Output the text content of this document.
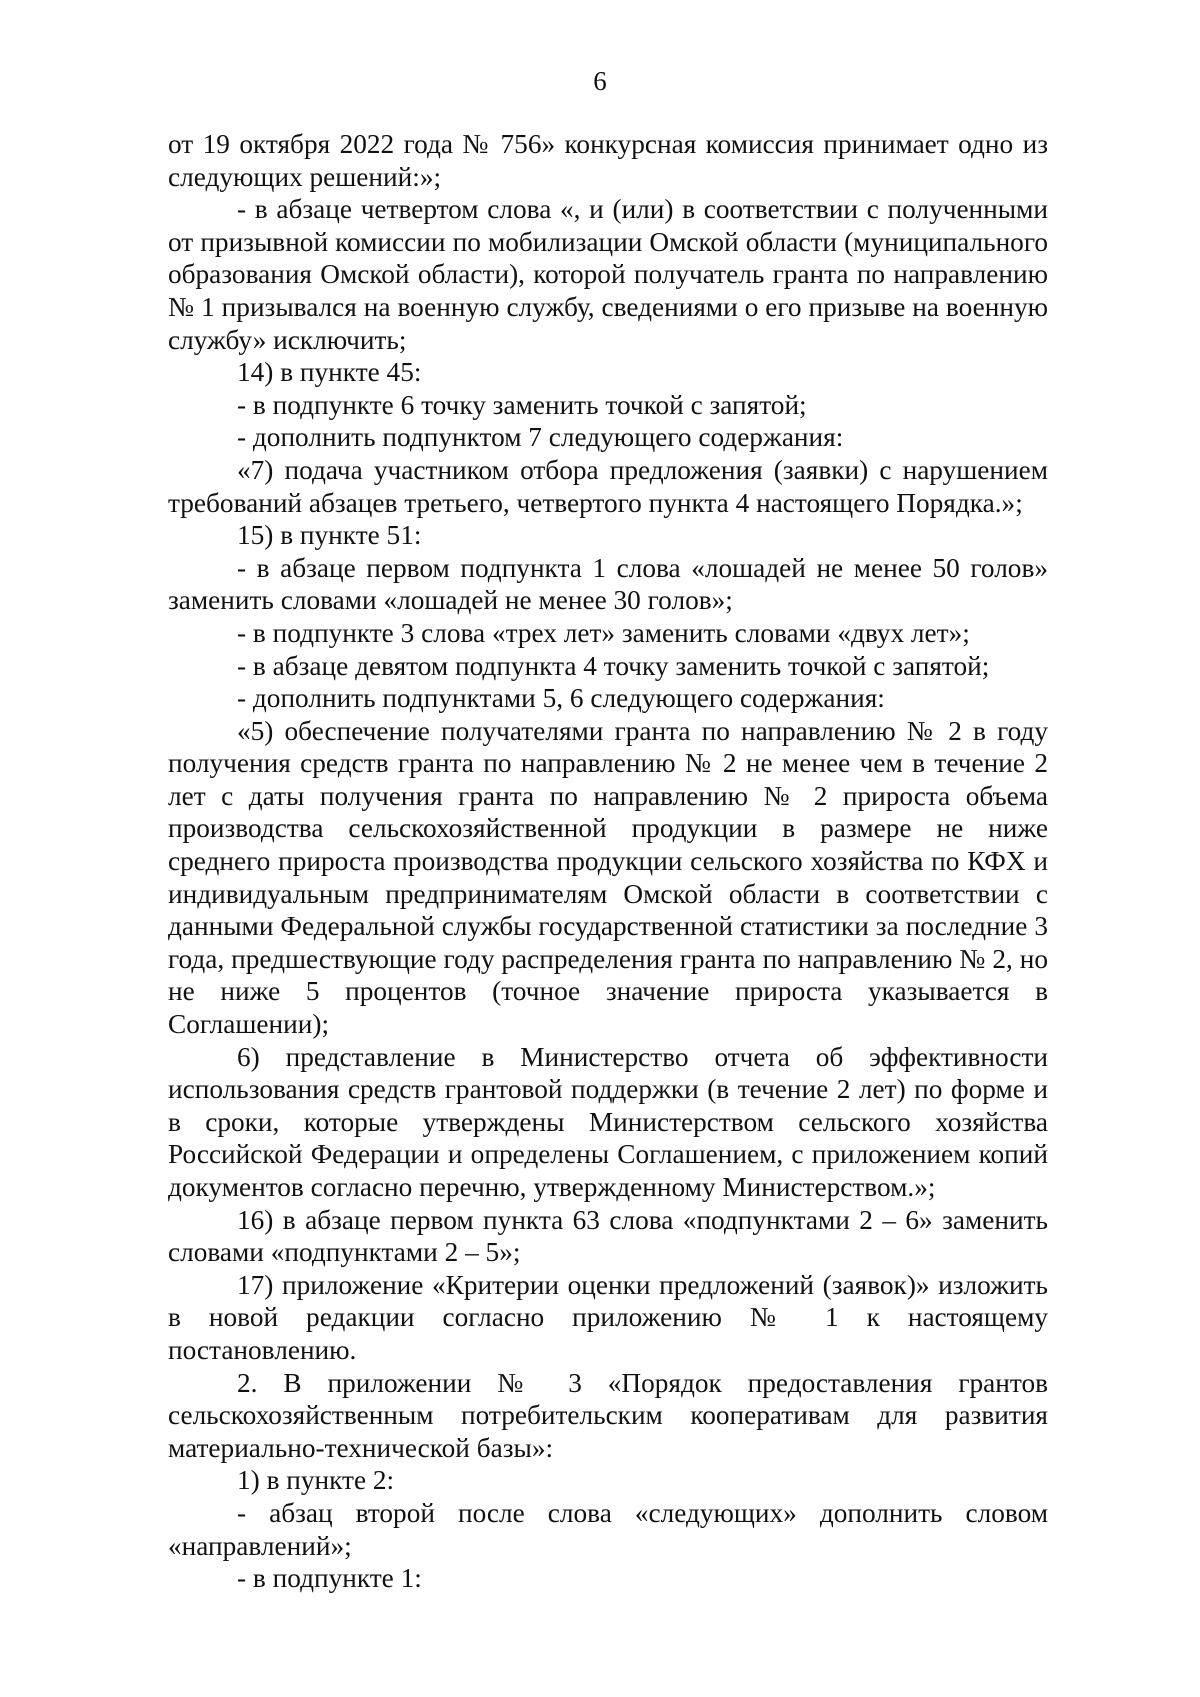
6

от 19 октября 2022 года № 756» конкурсная комиссия принимает одно из следующих решений:»;

- в абзаце четвертом слова «, и (или) в соответствии с полученными от призывной комиссии по мобилизации Омской области (муниципального образования Омской области), которой получатель гранта по направлению № 1 призывался на военную службу, сведениями о его призыве на военную службу» исключить;

14) в пункте 45:

- в подпункте 6 точку заменить точкой с запятой;

- дополнить подпунктом 7 следующего содержания:

«7) подача участником отбора предложения (заявки) с нарушением требований абзацев третьего, четвертого пункта 4 настоящего Порядка.»;

15) в пункте 51:

- в абзаце первом подпункта 1 слова «лошадей не менее 50 голов» заменить словами «лошадей не менее 30 голов»;

- в подпункте 3 слова «трех лет» заменить словами «двух лет»;

- в абзаце девятом подпункта 4 точку заменить точкой с запятой;

- дополнить подпунктами 5, 6 следующего содержания:

«5) обеспечение получателями гранта по направлению № 2 в году получения средств гранта по направлению № 2 не менее чем в течение 2 лет с даты получения гранта по направлению № 2 прироста объема производства сельскохозяйственной продукции в размере не ниже среднего прироста производства продукции сельского хозяйства по КФХ и индивидуальным предпринимателям Омской области в соответствии с данными Федеральной службы государственной статистики за последние 3 года, предшествующие году распределения гранта по направлению № 2, но не ниже 5 процентов (точное значение прироста указывается в Соглашении);

6) представление в Министерство отчета об эффективности использования средств грантовой поддержки (в течение 2 лет) по форме и в сроки, которые утверждены Министерством сельского хозяйства Российской Федерации и определены Соглашением, с приложением копий документов согласно перечню, утвержденному Министерством.»;

16) в абзаце первом пункта 63 слова «подпунктами 2 – 6» заменить словами «подпунктами 2 – 5»;

17) приложение «Критерии оценки предложений (заявок)» изложить в новой редакции согласно приложению № 1 к настоящему постановлению.

2. В приложении № 3 «Порядок предоставления грантов сельскохозяйственным потребительским кооперативам для развития материально-технической базы»:

1) в пункте 2:

- абзац второй после слова «следующих» дополнить словом «направлений»;

- в подпункте 1:
